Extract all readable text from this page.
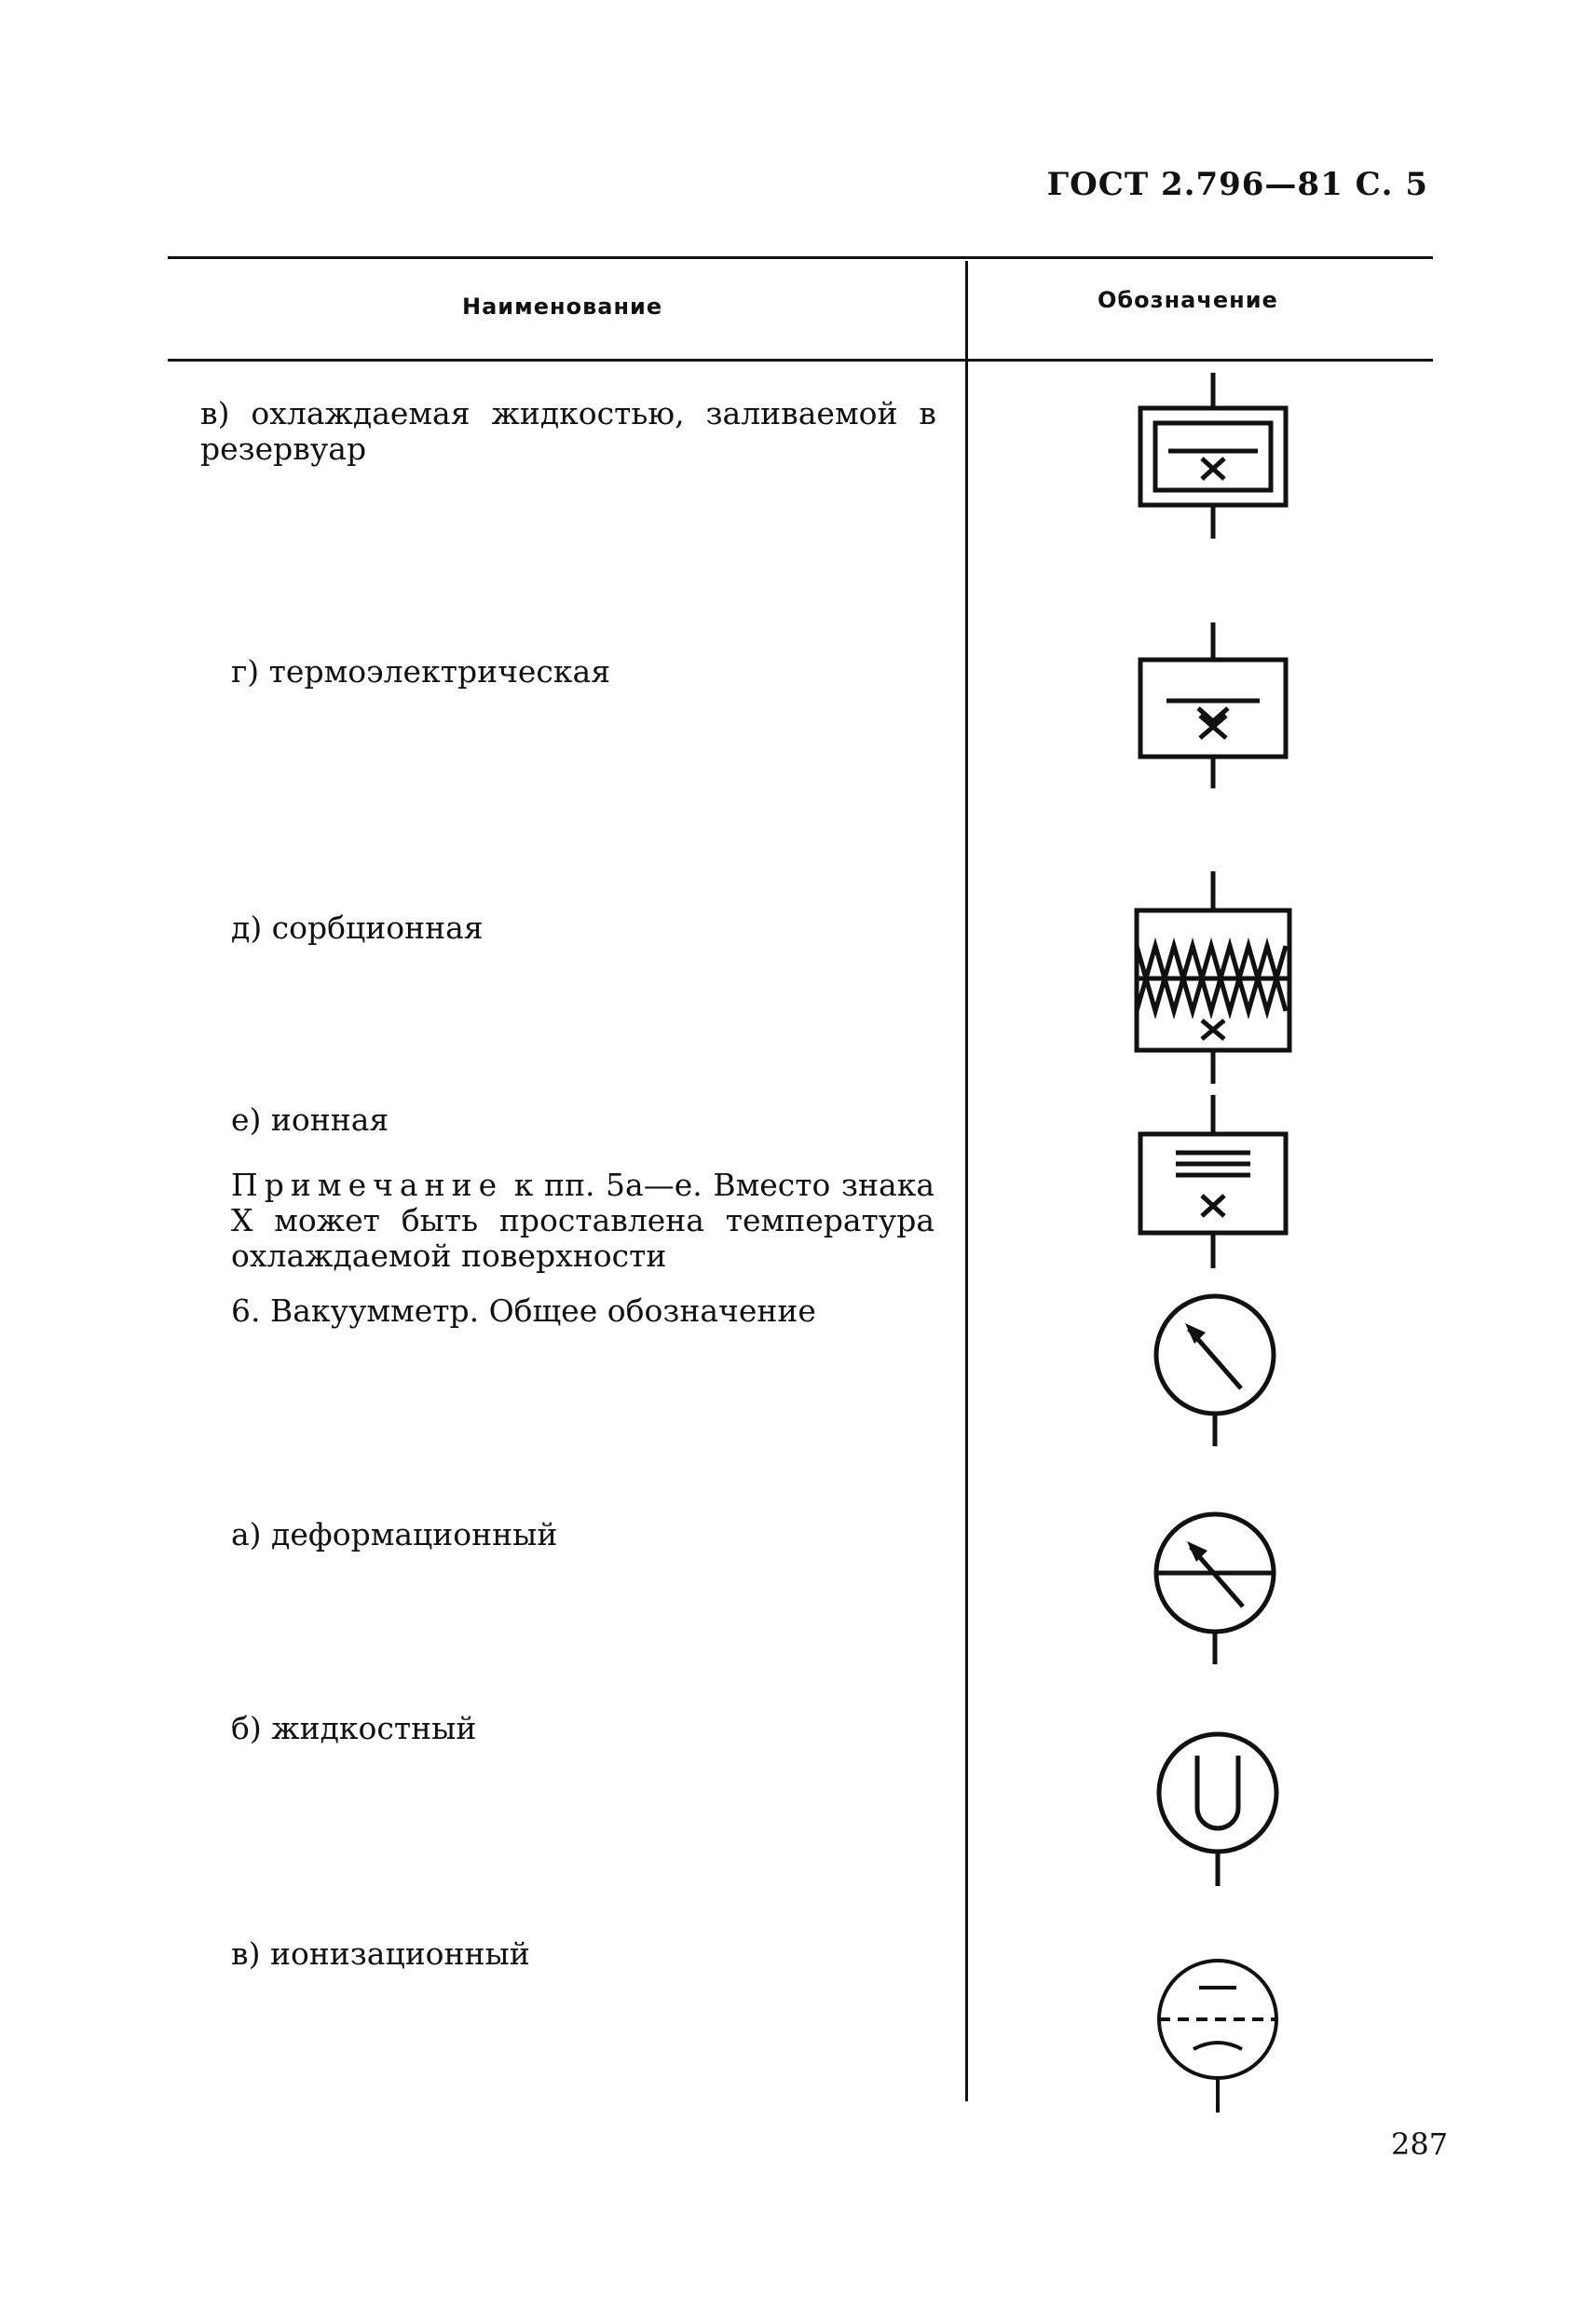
ГОСТ 2.796—81 С. 5
Наименование	Обозначение
в) охлаждаемая жидкостью, заливаемой в резервуар
г) термоэлектрическая
д) сорбционная
е) ионная
Примечание к пп. 5а—е. Вместо знака X может быть проставлена температура охлаждаемой поверхности
6. Вакуумметр. Общее обозначение
а) деформационный
б) жидкостный
в) ионизационный
287
